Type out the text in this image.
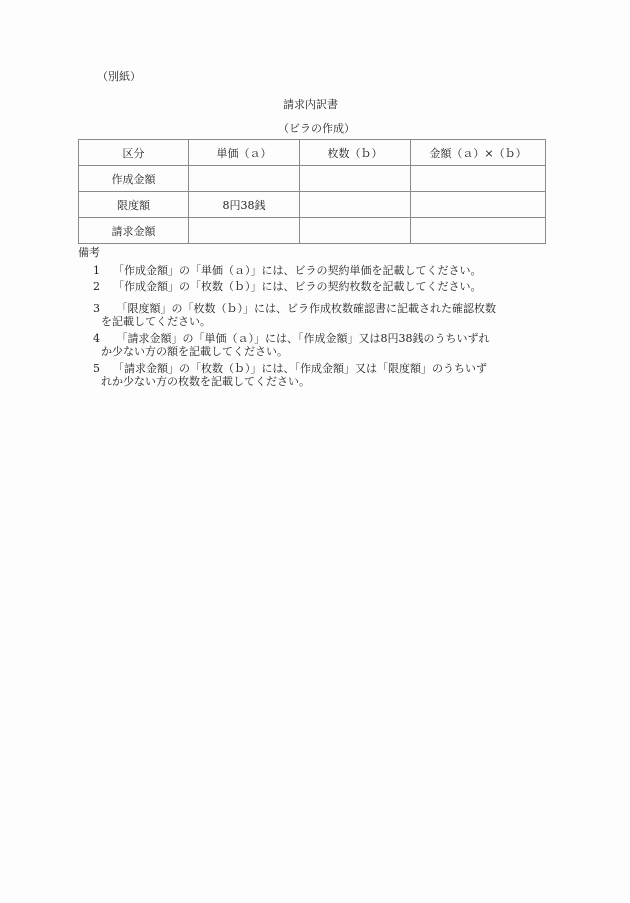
（別紙）
請求内訳書
（ビラの作成）
区分	単価（ａ）	枚数（ｂ）	金額（ａ）×（ｂ）
作成金額			
限度額	8円38銭		
請求金額			
備考
1 「作成金額」の「単価（ａ）」には、ビラの契約単価を記載してください。
2 「作成金額」の「枚数（ｂ）」には、ビラの契約枚数を記載してください。
3 「限度額」の「枚数（ｂ）」には、ビラ作成枚数確認書に記載された確認枚数
を記載してください。
4 「請求金額」の「単価（ａ）」には、「作成金額」又は8円38銭のうちいずれ
か少ない方の額を記載してください。
5 「請求金額」の「枚数（ｂ）」には、「作成金額」又は「限度額」のうちいず
れか少ない方の枚数を記載してください。
